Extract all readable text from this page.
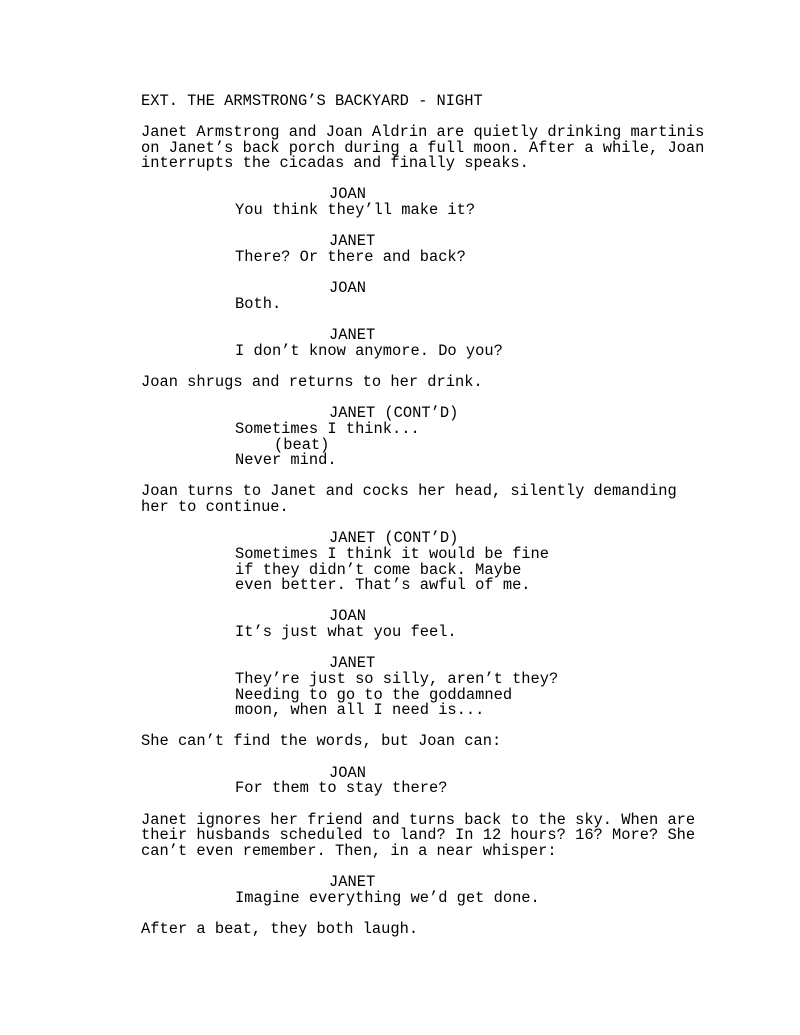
EXT. THE ARMSTRONG’S BACKYARD - NIGHT
Janet Armstrong and Joan Aldrin are quietly drinking martinis
on Janet’s back porch during a full moon. After a while, Joan
interrupts the cicadas and finally speaks.
JOAN
You think they’ll make it?
JANET
There? Or there and back?
JOAN
Both.
JANET
I don’t know anymore. Do you?
Joan shrugs and returns to her drink.
JANET (CONT’D)
Sometimes I think...
(beat)
Never mind.
Joan turns to Janet and cocks her head, silently demanding
her to continue.
JANET (CONT’D)
Sometimes I think it would be fine
if they didn’t come back. Maybe
even better. That’s awful of me.
JOAN
It’s just what you feel.
JANET
They’re just so silly, aren’t they?
Needing to go to the goddamned
moon, when all I need is...
She can’t find the words, but Joan can:
JOAN
For them to stay there?
Janet ignores her friend and turns back to the sky. When are
their husbands scheduled to land? In 12 hours? 16? More? She
can’t even remember. Then, in a near whisper:
JANET
Imagine everything we’d get done.
After a beat, they both laugh.
